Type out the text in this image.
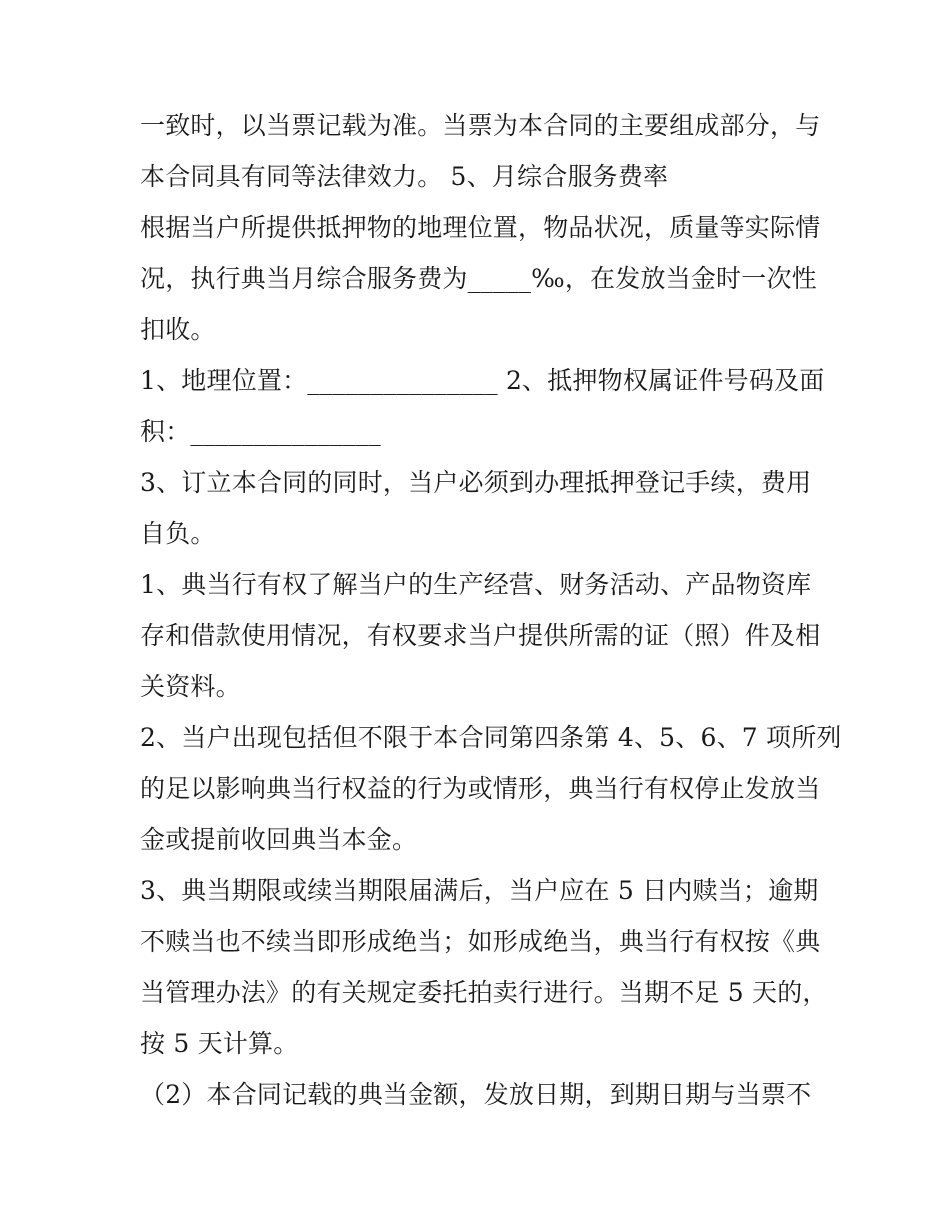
一致时，以当票记载为准。当票为本合同的主要组成部分，与
本合同具有同等法律效力。 5、月综合服务费率
根据当户所提供抵押物的地理位置，物品状况，质量等实际情
况，执行典当月综合服务费为_____‰，在发放当金时一次性
扣收。
1、地理位置：_______________ 2、抵押物权属证件号码及面
积：_______________
3、订立本合同的同时，当户必须到办理抵押登记手续，费用
自负。
1、典当行有权了解当户的生产经营、财务活动、产品物资库
存和借款使用情况，有权要求当户提供所需的证（照）件及相
关资料。
2、当户出现包括但不限于本合同第四条第 4、5、6、7 项所列
的足以影响典当行权益的行为或情形，典当行有权停止发放当
金或提前收回典当本金。
3、典当期限或续当期限届满后，当户应在 5 日内赎当；逾期
不赎当也不续当即形成绝当；如形成绝当，典当行有权按《典
当管理办法》的有关规定委托拍卖行进行。当期不足 5 天的，
按 5 天计算。
（2）本合同记载的典当金额，发放日期，到期日期与当票不
